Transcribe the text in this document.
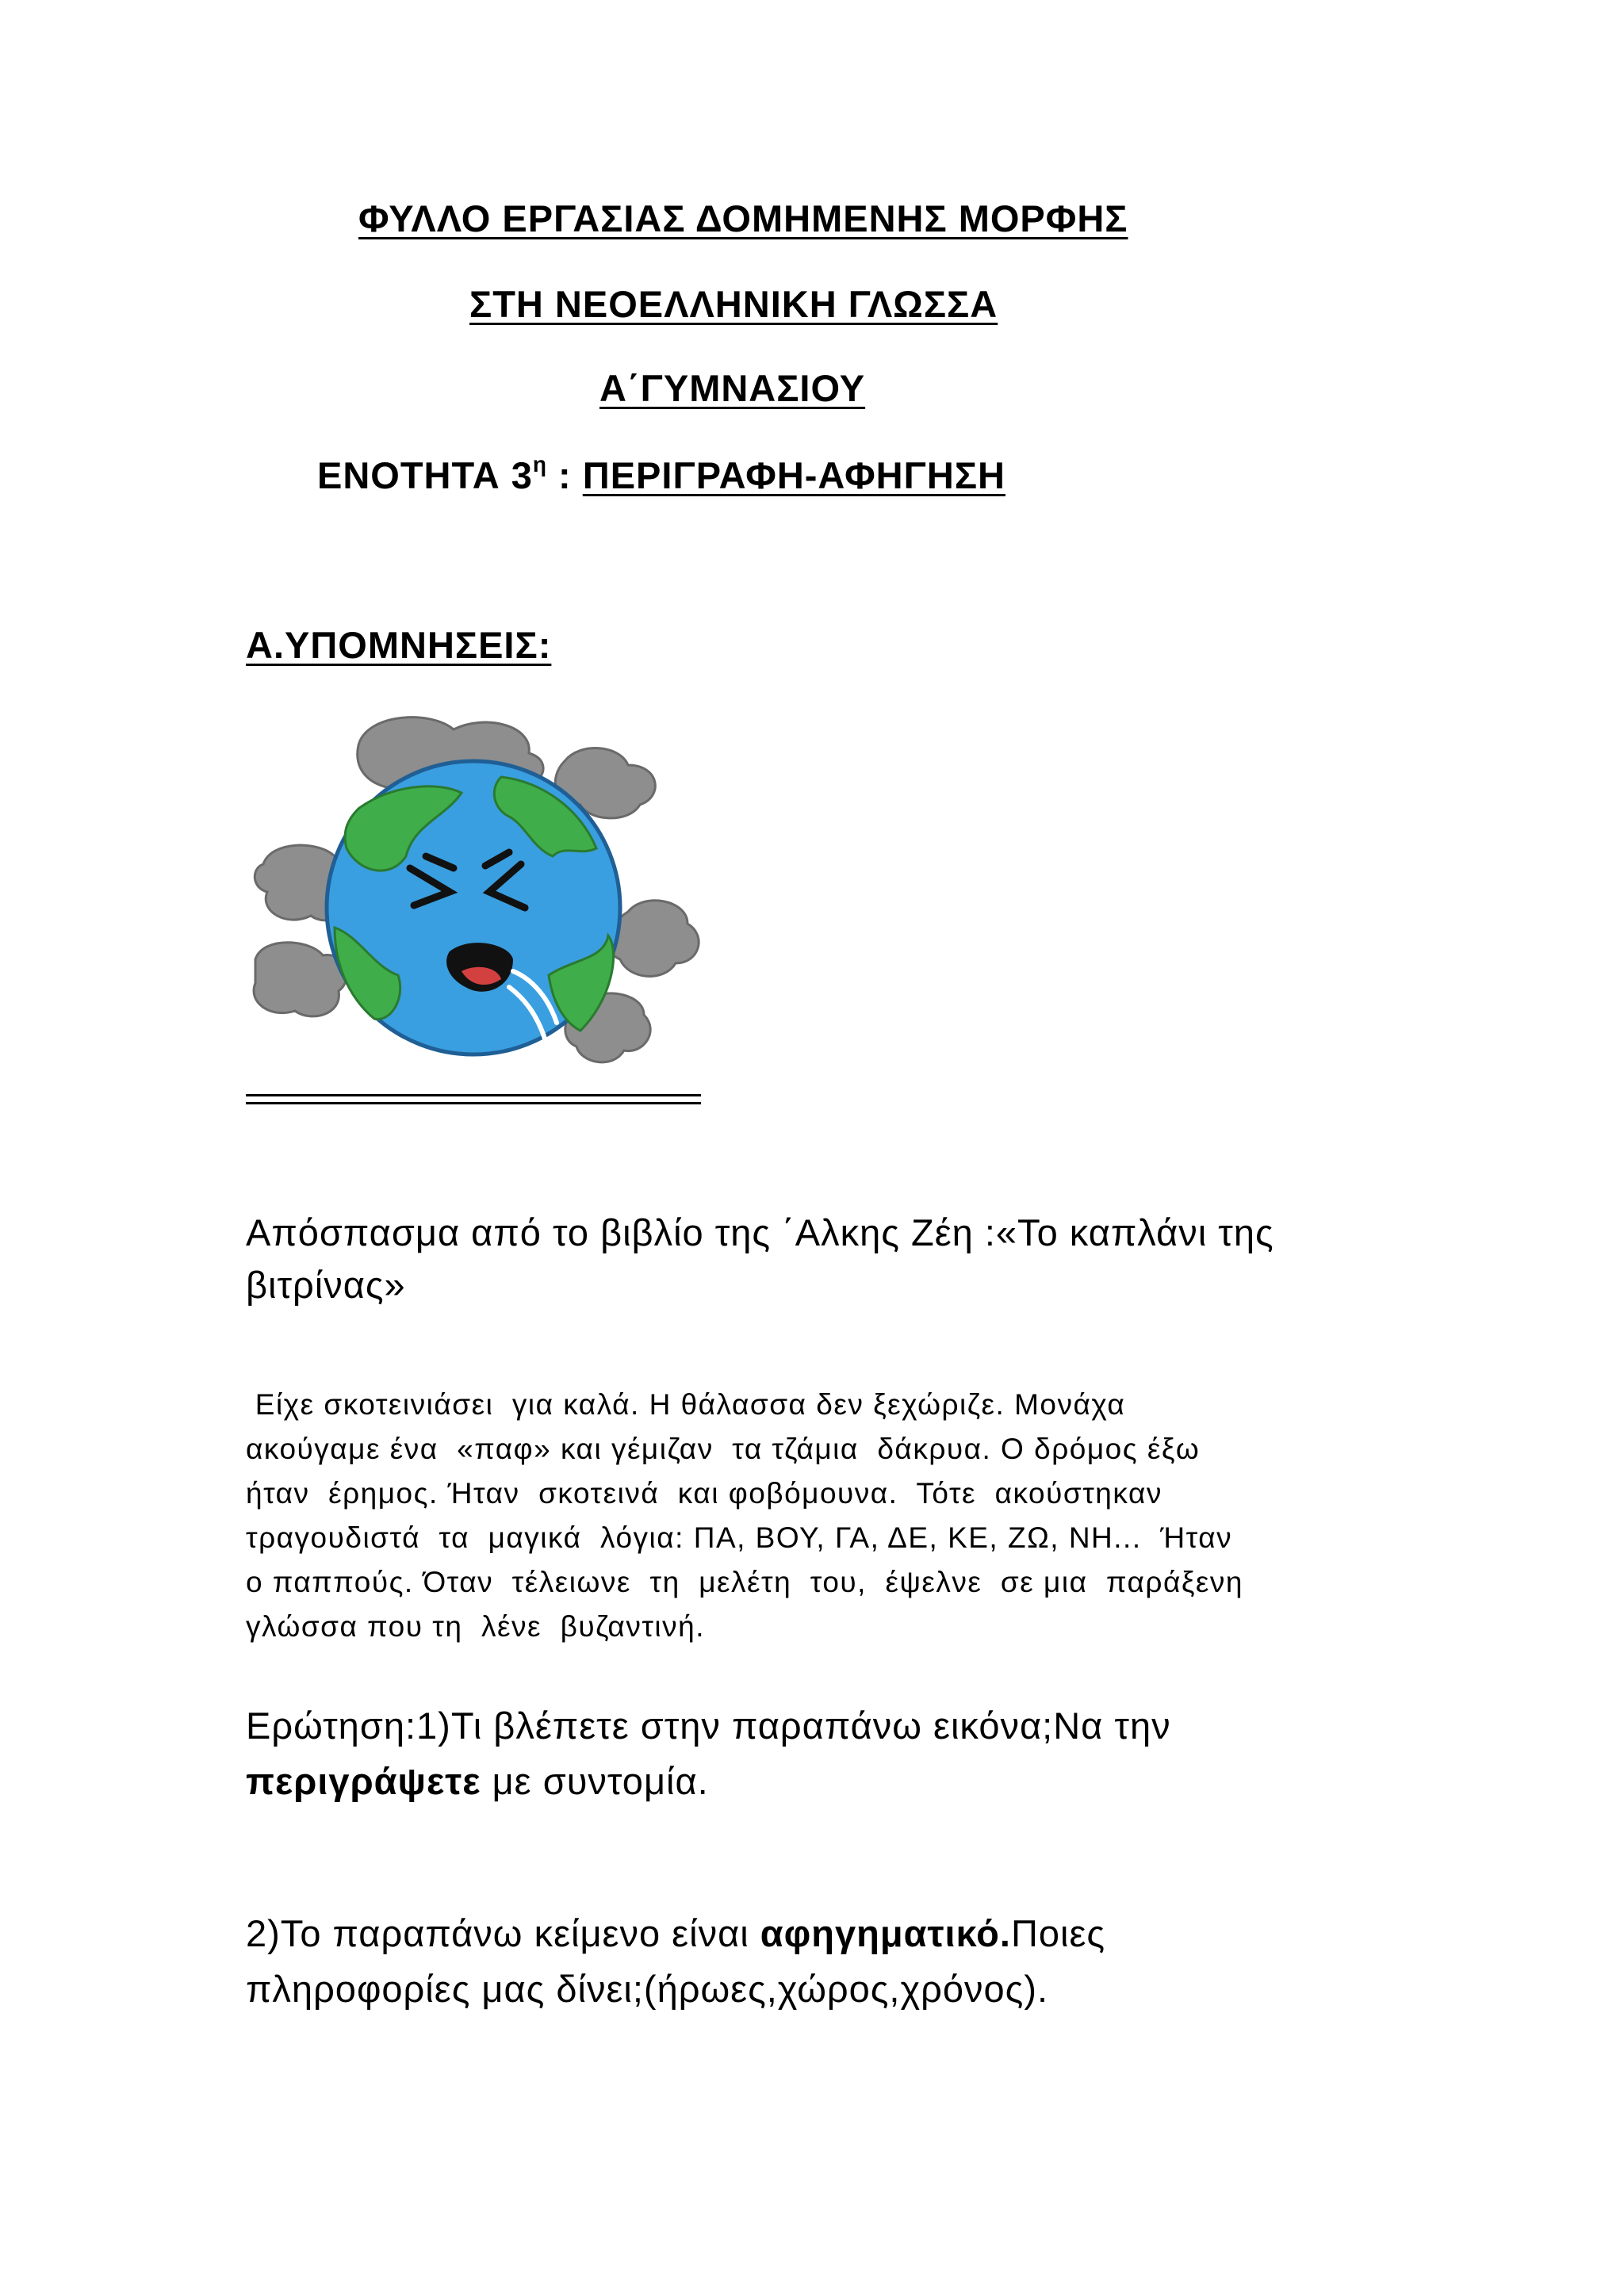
ΦΥΛΛΟ ΕΡΓΑΣΙΑΣ ΔΟΜΗΜΕΝΗΣ ΜΟΡΦΗΣ
ΣΤΗ ΝΕΟΕΛΛΗΝΙΚΗ ΓΛΩΣΣΑ
Α΄ΓΥΜΝΑΣΙΟΥ
ΕΝΟΤΗΤΑ $3^\eta$ : ΠΕΡΙΓΡΑΦΗ-ΑΦΗΓΗΣΗ
Α.ΥΠΟΜΝΗΣΕΙΣ:
Απόσπασμα από το βιβλίο της ΄Αλκης Ζέη :«Το καπλάνι της
βιτρίνας»

Είχε σκοτεινιάσει  για καλά. Η θάλασσα δεν ξεχώριζε. Μονάχα
ακούγαμε ένα  «παφ» και γέμιζαν  τα τζάμια  δάκρυα. Ο δρόμος έξω
ήταν  έρημος. Ήταν  σκοτεινά  και φοβόμουνα.  Τότε  ακούστηκαν
τραγουδιστά  τα  μαγικά  λόγια: ΠΑ, ΒΟΥ, ΓΑ, ΔΕ, ΚΕ, ΖΩ, ΝΗ...  Ήταν
ο παππούς. Όταν  τέλειωνε  τη  μελέτη  του,  έψελνε  σε μια  παράξενη
γλώσσα που τη  λένε  βυζαντινή.

Ερώτηση:1)Τι βλέπετε στην παραπάνω εικόνα;Να την
περιγράψετε με συντομία.
2)Το παραπάνω κείμενο είναι αφηγηματικό.Ποιες
πληροφορίες μας δίνει;(ήρωες,χώρος,χρόνος).
